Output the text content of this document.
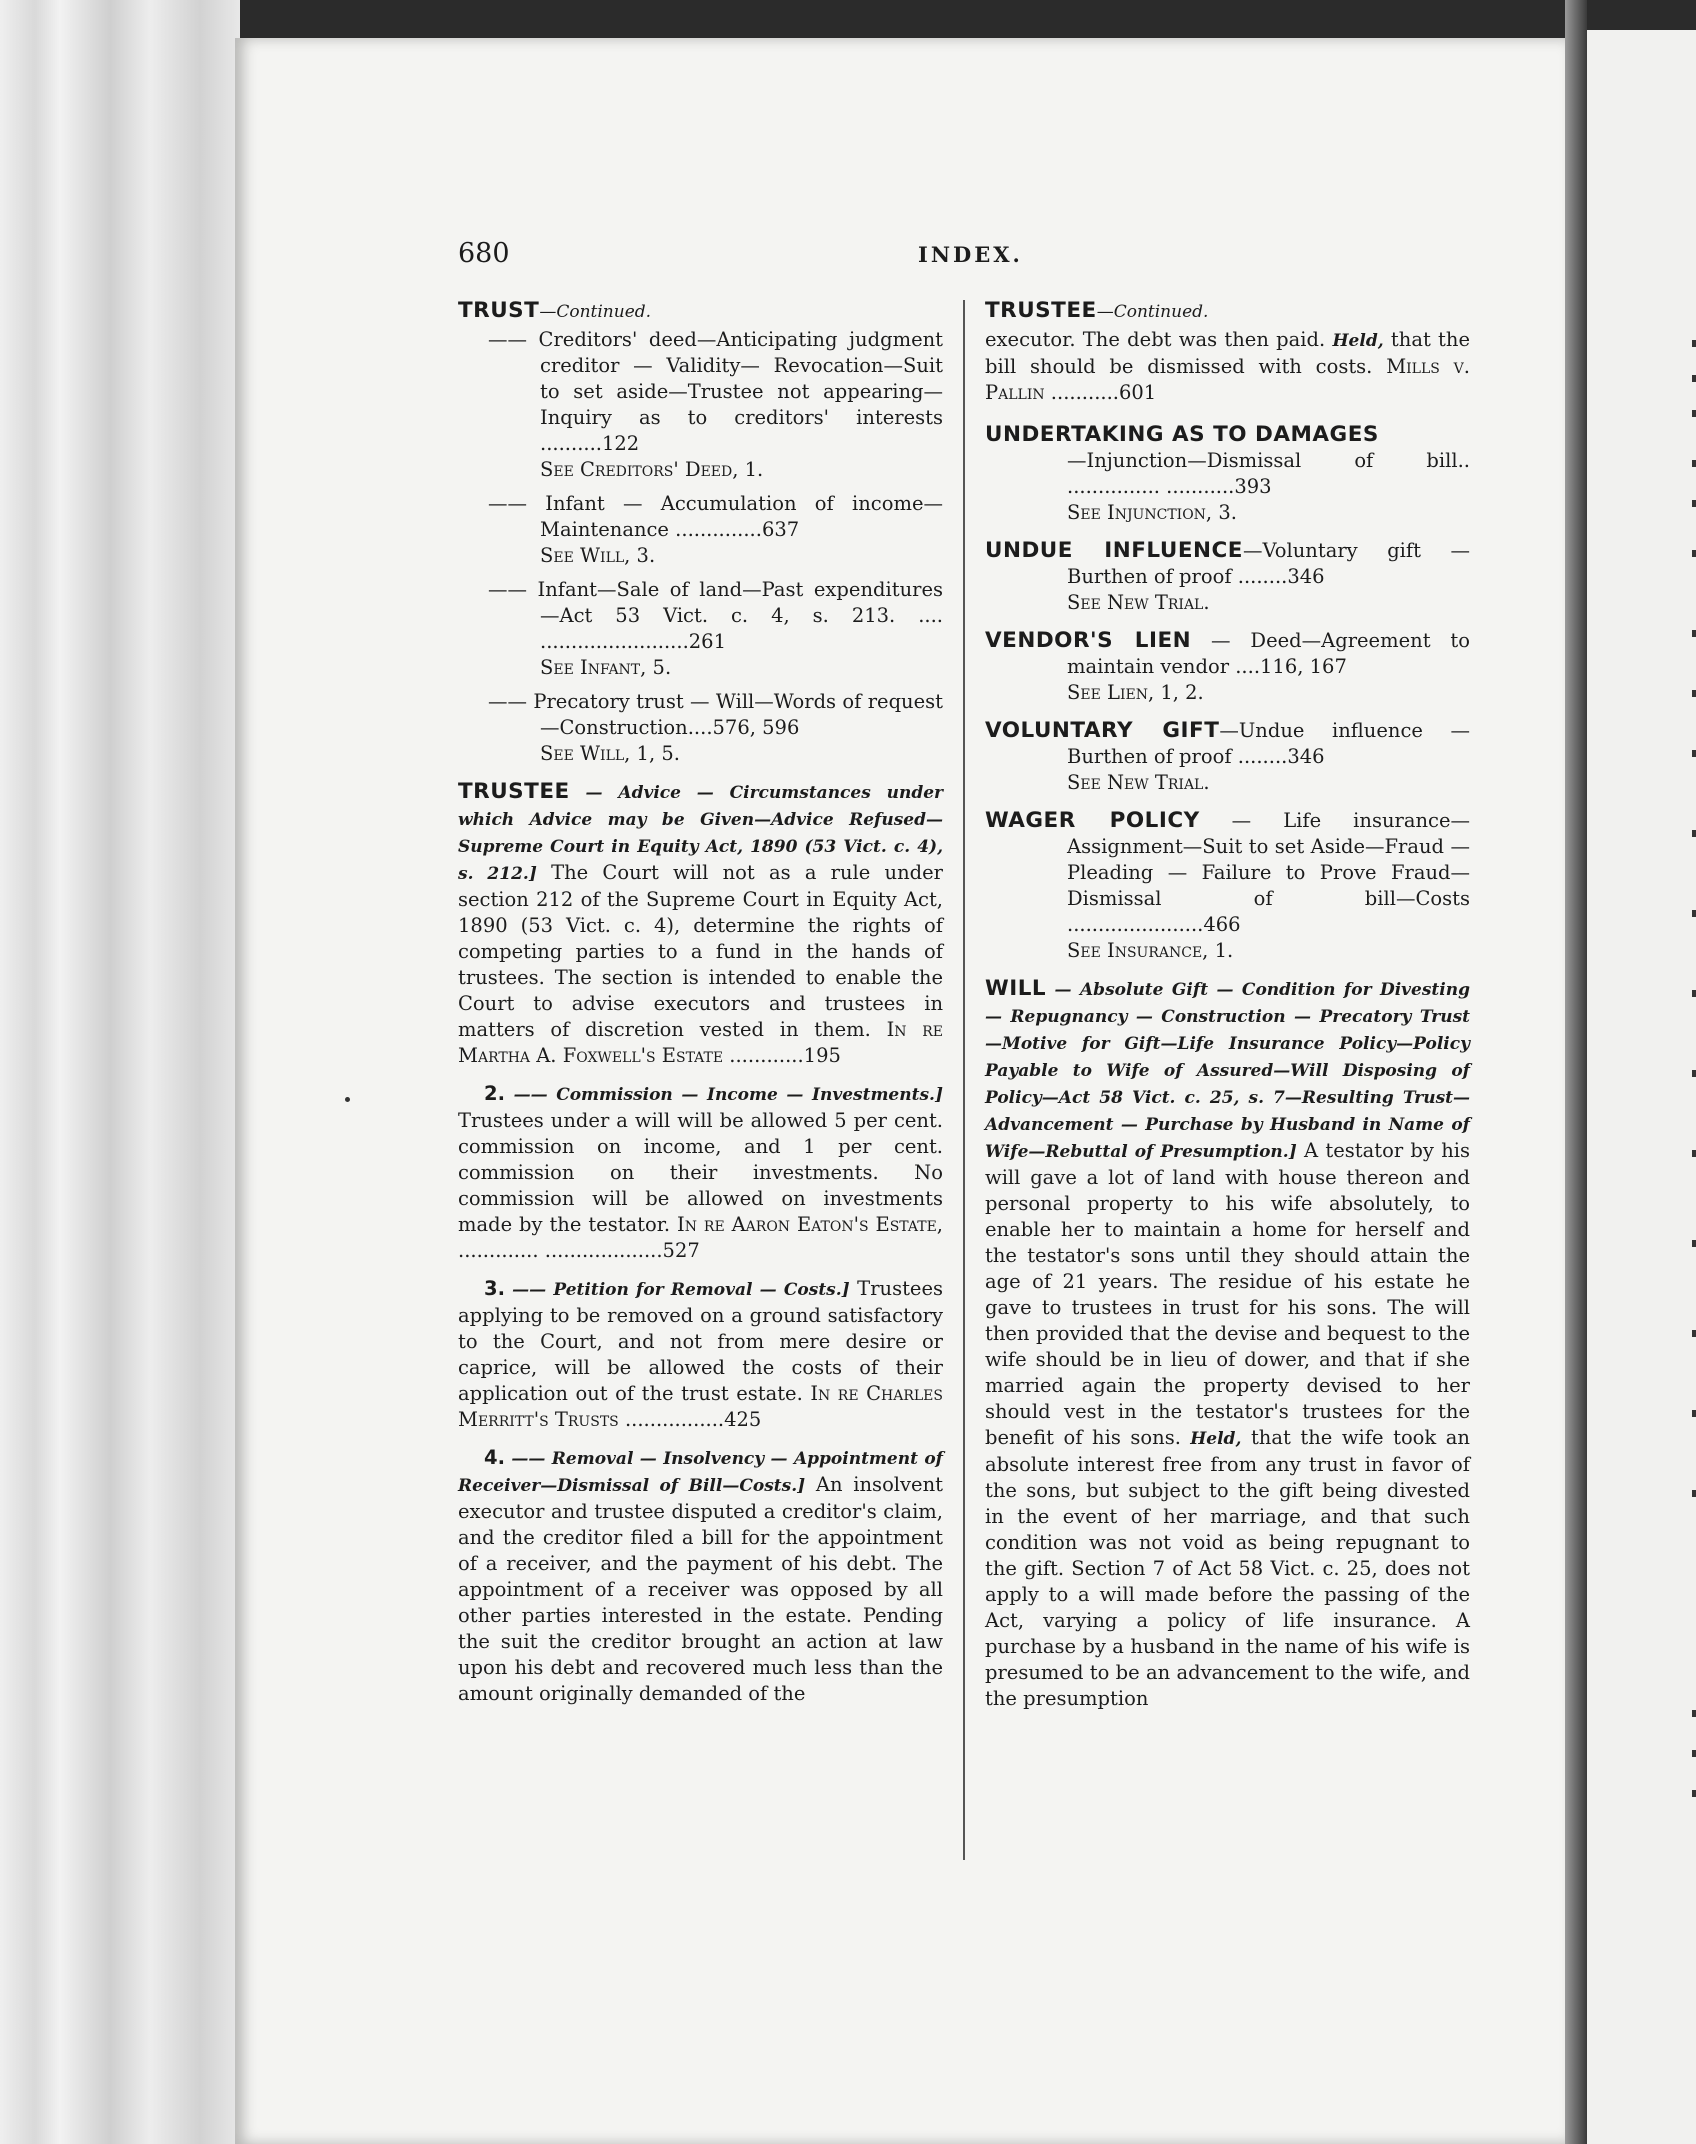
680	INDEX.

TRUST—Continued.

—— Creditors' deed—Anticipating judgment creditor — Validity— Revocation—Suit to set aside—Trustee not appearing—Inquiry as to creditors' interests ..........122

See Creditors' Deed, 1.

—— Infant — Accumulation of income—Maintenance ..............637

See Will, 3.

—— Infant—Sale of land—Past expenditures—Act 53 Vict. c. 4, s. 213. .... ........................261

See Infant, 5.

—— Precatory trust — Will—Words of request—Construction....576, 596

See Will, 1, 5.

TRUSTEE — Advice — Circumstances under which Advice may be Given—Advice Refused—Supreme Court in Equity Act, 1890 (53 Vict. c. 4), s. 212.] The Court will not as a rule under section 212 of the Supreme Court in Equity Act, 1890 (53 Vict. c. 4), determine the rights of competing parties to a fund in the hands of trustees. The section is intended to enable the Court to advise executors and trustees in matters of discretion vested in them. In re Martha A. Foxwell's Estate ............195

2. —— Commission — Income — Investments.] Trustees under a will will be allowed 5 per cent. commission on income, and 1 per cent. commission on their investments. No commission will be allowed on investments made by the testator. In re Aaron Eaton's Estate, ............. ...................527

3. —— Petition for Removal — Costs.] Trustees applying to be removed on a ground satisfactory to the Court, and not from mere desire or caprice, will be allowed the costs of their application out of the trust estate. In re Charles Merritt's Trusts ................425

4. —— Removal — Insolvency — Appointment of Receiver—Dismissal of Bill—Costs.] An insolvent executor and trustee disputed a creditor's claim, and the creditor filed a bill for the appointment of a receiver, and the payment of his debt. The appointment of a receiver was opposed by all other parties interested in the estate. Pending the suit the creditor brought an action at law upon his debt and recovered much less than the amount originally demanded of the

TRUSTEE—Continued.

executor. The debt was then paid. Held, that the bill should be dismissed with costs. Mills v. Pallin ...........601

UNDERTAKING AS TO DAMAGES

—Injunction—Dismissal of bill.. ............... ...........393

See Injunction, 3.

UNDUE INFLUENCE—Voluntary gift —Burthen of proof ........346

See New Trial.

VENDOR'S LIEN — Deed—Agreement to maintain vendor ....116, 167

See Lien, 1, 2.

VOLUNTARY GIFT—Undue influence —Burthen of proof ........346

See New Trial.

WAGER POLICY — Life insurance—Assignment—Suit to set Aside—Fraud — Pleading — Failure to Prove Fraud—Dismissal of bill—Costs ......................466

See Insurance, 1.

WILL — Absolute Gift — Condition for Divesting — Repugnancy — Construction — Precatory Trust—Motive for Gift—Life Insurance Policy—Policy Payable to Wife of Assured—Will Disposing of Policy—Act 58 Vict. c. 25, s. 7—Resulting Trust—Advancement — Purchase by Husband in Name of Wife—Rebuttal of Presumption.] A testator by his will gave a lot of land with house thereon and personal property to his wife absolutely, to enable her to maintain a home for herself and the testator's sons until they should attain the age of 21 years. The residue of his estate he gave to trustees in trust for his sons. The will then provided that the devise and bequest to the wife should be in lieu of dower, and that if she married again the property devised to her should vest in the testator's trustees for the benefit of his sons. Held, that the wife took an absolute interest free from any trust in favor of the sons, but subject to the gift being divested in the event of her marriage, and that such condition was not void as being repugnant to the gift. Section 7 of Act 58 Vict. c. 25, does not apply to a will made before the passing of the Act, varying a policy of life insurance. A purchase by a husband in the name of his wife is presumed to be an advancement to the wife, and the presumption
